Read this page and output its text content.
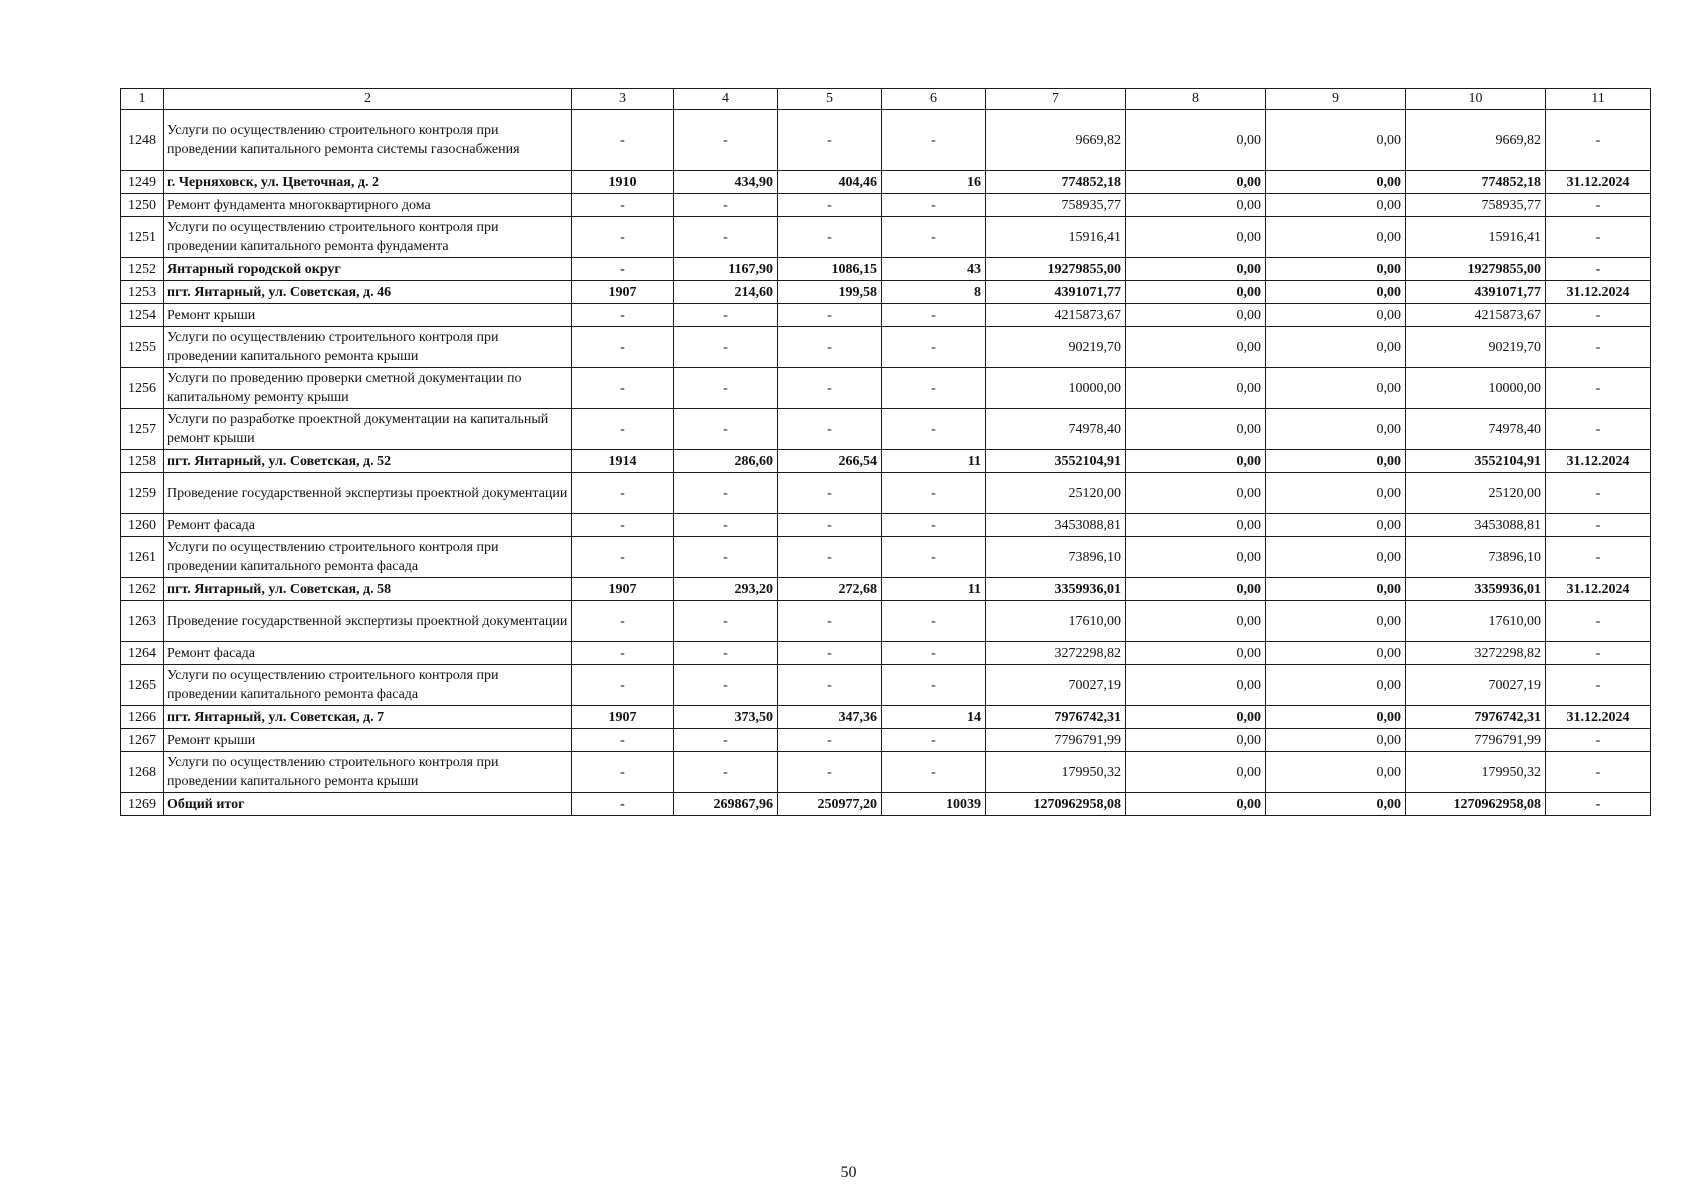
1	2	3	4	5	6	7	8	9	10	11
1248	Услуги по осуществлению строительного контроля при проведении капитального ремонта системы газоснабжения	-	-	-	-	9669,82	0,00	0,00	9669,82	-
1249	г. Черняховск, ул. Цветочная, д. 2	1910	434,90	404,46	16	774852,18	0,00	0,00	774852,18	31.12.2024
1250	Ремонт фундамента многоквартирного дома	-	-	-	-	758935,77	0,00	0,00	758935,77	-
1251	Услуги по осуществлению строительного контроля при проведении капитального ремонта фундамента	-	-	-	-	15916,41	0,00	0,00	15916,41	-
1252	Янтарный городской округ	-	1167,90	1086,15	43	19279855,00	0,00	0,00	19279855,00	-
1253	пгт. Янтарный, ул. Советская, д. 46	1907	214,60	199,58	8	4391071,77	0,00	0,00	4391071,77	31.12.2024
1254	Ремонт крыши	-	-	-	-	4215873,67	0,00	0,00	4215873,67	-
1255	Услуги по осуществлению строительного контроля при проведении капитального ремонта крыши	-	-	-	-	90219,70	0,00	0,00	90219,70	-
1256	Услуги по проведению проверки сметной документации по капитальному ремонту крыши	-	-	-	-	10000,00	0,00	0,00	10000,00	-
1257	Услуги по разработке проектной документации на капитальный ремонт крыши	-	-	-	-	74978,40	0,00	0,00	74978,40	-
1258	пгт. Янтарный, ул. Советская, д. 52	1914	286,60	266,54	11	3552104,91	0,00	0,00	3552104,91	31.12.2024
1259	Проведение государственной экспертизы проектной документации	-	-	-	-	25120,00	0,00	0,00	25120,00	-
1260	Ремонт фасада	-	-	-	-	3453088,81	0,00	0,00	3453088,81	-
1261	Услуги по осуществлению строительного контроля при проведении капитального ремонта фасада	-	-	-	-	73896,10	0,00	0,00	73896,10	-
1262	пгт. Янтарный, ул. Советская, д. 58	1907	293,20	272,68	11	3359936,01	0,00	0,00	3359936,01	31.12.2024
1263	Проведение государственной экспертизы проектной документации	-	-	-	-	17610,00	0,00	0,00	17610,00	-
1264	Ремонт фасада	-	-	-	-	3272298,82	0,00	0,00	3272298,82	-
1265	Услуги по осуществлению строительного контроля при проведении капитального ремонта фасада	-	-	-	-	70027,19	0,00	0,00	70027,19	-
1266	пгт. Янтарный, ул. Советская, д. 7	1907	373,50	347,36	14	7976742,31	0,00	0,00	7976742,31	31.12.2024
1267	Ремонт крыши	-	-	-	-	7796791,99	0,00	0,00	7796791,99	-
1268	Услуги по осуществлению строительного контроля при проведении капитального ремонта крыши	-	-	-	-	179950,32	0,00	0,00	179950,32	-
1269	Общий итог	-	269867,96	250977,20	10039	1270962958,08	0,00	0,00	1270962958,08	-
50
